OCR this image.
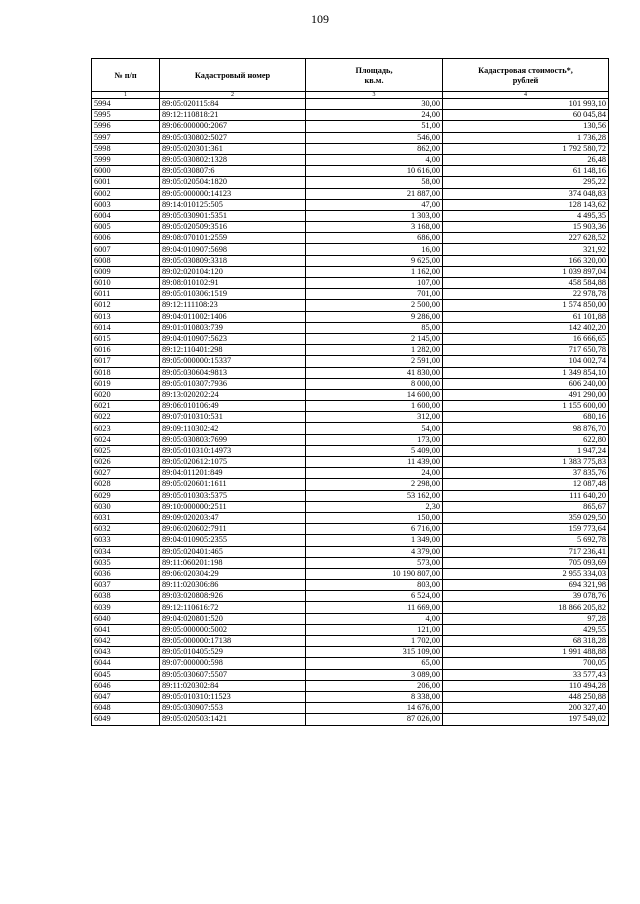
109
№ п/п	Кадастровый номер	Площадь,
кв.м.	Кадастровая стоимость*,
рублей
1	2	3	4
5994	89:05:020115:84	30,00	101 993,10
5995	89:12:110818:21	24,00	60 045,84
5996	89:06:000000:2067	51,00	130,56
5997	89:05:030802:5027	546,00	1 736,28
5998	89:05:020301:361	862,00	1 792 580,72
5999	89:05:030802:1328	4,00	26,48
6000	89:05:030807:6	10 616,00	61 148,16
6001	89:05:020504:1820	58,00	295,22
6002	89:05:000000:14123	21 887,00	374 048,83
6003	89:14:010125:505	47,00	128 143,62
6004	89:05:030901:5351	1 303,00	4 495,35
6005	89:05:020509:3516	3 168,00	15 903,36
6006	89:08:070101:2559	686,00	227 628,52
6007	89:04:010907:5698	16,00	321,92
6008	89:05:030809:3318	9 625,00	166 320,00
6009	89:02:020104:120	1 162,00	1 039 897,04
6010	89:08:010102:91	107,00	458 584,88
6011	89:05:010306:1519	701,00	22 978,78
6012	89:12:111108:23	2 500,00	1 574 850,00
6013	89:04:011002:1406	9 286,00	61 101,88
6014	89:01:010803:739	85,00	142 402,20
6015	89:04:010907:5623	2 145,00	16 666,65
6016	89:12:110401:298	1 282,00	717 650,78
6017	89:05:000000:15337	2 591,00	104 002,74
6018	89:05:030604:9813	41 830,00	1 349 854,10
6019	89:05:010307:7936	8 000,00	606 240,00
6020	89:13:020202:24	14 600,00	491 290,00
6021	89:06:010106:49	1 600,00	1 155 600,00
6022	89:07:010310:531	312,00	680,16
6023	89:09:110302:42	54,00	98 876,70
6024	89:05:030803:7699	173,00	622,80
6025	89:05:010310:14973	5 409,00	1 947,24
6026	89:05:020612:1075	11 439,00	1 383 775,83
6027	89:04:011201:849	24,00	37 835,76
6028	89:05:020601:1611	2 298,00	12 087,48
6029	89:05:010303:5375	53 162,00	111 640,20
6030	89:10:000000:2511	2,30	865,67
6031	89:09:020203:47	150,00	359 029,50
6032	89:06:020602:7911	6 716,00	159 773,64
6033	89:04:010905:2355	1 349,00	5 692,78
6034	89:05:020401:465	4 379,00	717 236,41
6035	89:11:060201:198	573,00	705 093,69
6036	89:06:020304:29	10 190 807,00	2 955 334,03
6037	89:11:020306:86	803,00	694 321,98
6038	89:03:020808:926	6 524,00	39 078,76
6039	89:12:110616:72	11 669,00	18 866 205,82
6040	89:04:020801:520	4,00	97,28
6041	89:05:000000:5002	121,00	429,55
6042	89:05:000000:17138	1 702,00	68 318,28
6043	89:05:010405:529	315 109,00	1 991 488,88
6044	89:07:000000:598	65,00	700,05
6045	89:05:030607:5507	3 089,00	33 577,43
6046	89:11:020302:84	206,00	110 494,28
6047	89:05:010310:11523	8 338,00	448 250,88
6048	89:05:030907:553	14 676,00	200 327,40
6049	89:05:020503:1421	87 026,00	197 549,02
